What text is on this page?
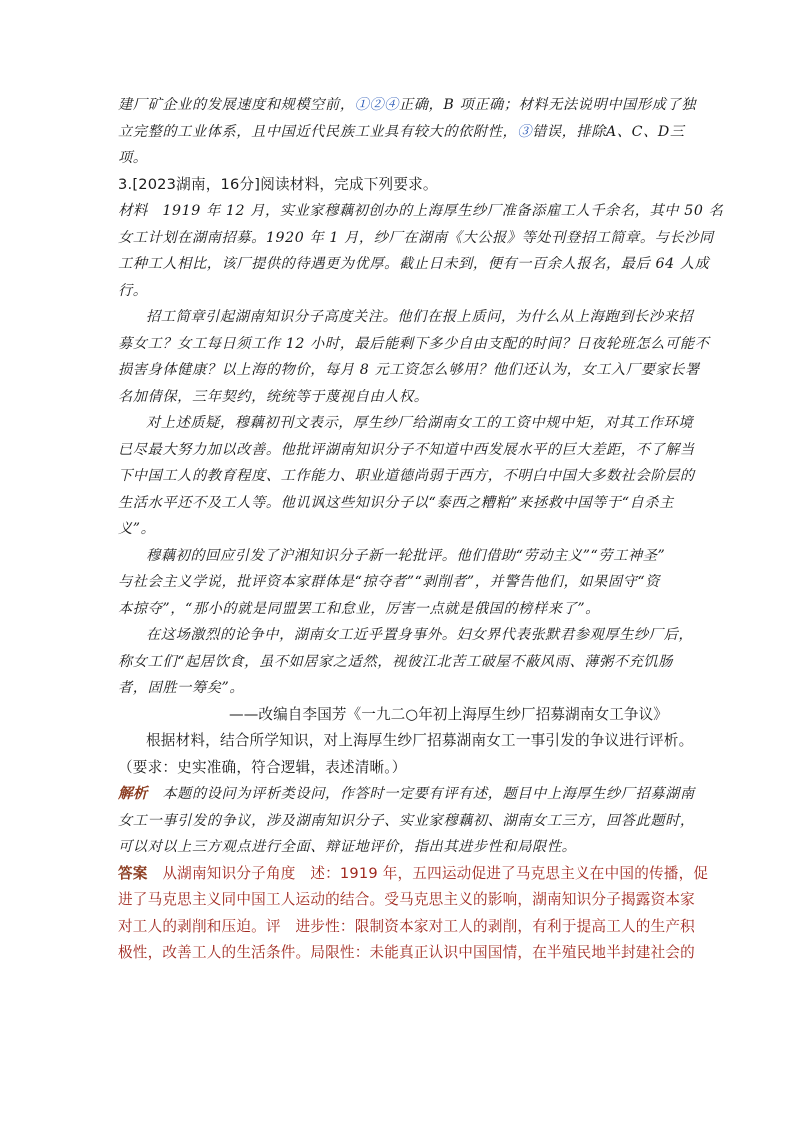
建厂矿企业的发展速度和规模空前，①②④正确，B 项正确；材料无法说明中国形成了独
立完整的工业体系，且中国近代民族工业具有较大的依附性，③错误，排除A、C、D三
项。
3.[2023湖南，16分]阅读材料，完成下列要求。
材料　1919 年 12 月，实业家穆藕初创办的上海厚生纱厂准备添雇工人千余名，其中 50 名
女工计划在湖南招募。1920 年 1 月，纱厂在湖南《大公报》等处刊登招工简章。与长沙同
工种工人相比，该厂提供的待遇更为优厚。截止日未到，便有一百余人报名，最后 64 人成
行。
招工简章引起湖南知识分子高度关注。他们在报上质问，为什么从上海跑到长沙来招
募女工？女工每日须工作 12 小时，最后能剩下多少自由支配的时间？日夜轮班怎么可能不
损害身体健康？以上海的物价，每月 8 元工资怎么够用？他们还认为，女工入厂要家长署
名加倩保，三年契约，统统等于蔑视自由人权。
对上述质疑，穆藕初刊文表示，厚生纱厂给湖南女工的工资中规中矩，对其工作环境
已尽最大努力加以改善。他批评湖南知识分子不知道中西发展水平的巨大差距，不了解当
下中国工人的教育程度、工作能力、职业道德尚弱于西方，不明白中国大多数社会阶层的
生活水平还不及工人等。他讥讽这些知识分子以“泰西之糟粕”来拯救中国等于“自杀主
义”。
穆藕初的回应引发了沪湘知识分子新一轮批评。他们借助“劳动主义”“劳工神圣”
与社会主义学说，批评资本家群体是“掠夺者”“剥削者”，并警告他们，如果固守“资
本掠夺”，“那小的就是同盟罢工和怠业，厉害一点就是俄国的榜样来了”。
在这场激烈的论争中，湖南女工近乎置身事外。妇女界代表张默君参观厚生纱厂后，
称女工们“起居饮食，虽不如居家之适然，视彼江北苦工破屋不蔽风雨、薄粥不充饥肠
者，固胜一筹矣”。
——改编自李国芳《一九二○年初上海厚生纱厂招募湖南女工争议》
根据材料，结合所学知识，对上海厚生纱厂招募湖南女工一事引发的争议进行评析。
（要求：史实准确，符合逻辑，表述清晰。）
解析　本题的设问为评析类设问，作答时一定要有评有述，题目中上海厚生纱厂招募湖南
女工一事引发的争议，涉及湖南知识分子、实业家穆藕初、湖南女工三方，回答此题时，
可以对以上三方观点进行全面、辩证地评价，指出其进步性和局限性。
答案　从湖南知识分子角度　述：1919 年，五四运动促进了马克思主义在中国的传播，促
进了马克思主义同中国工人运动的结合。受马克思主义的影响，湖南知识分子揭露资本家
对工人的剥削和压迫。评　进步性：限制资本家对工人的剥削，有利于提高工人的生产积
极性，改善工人的生活条件。局限性：未能真正认识中国国情，在半殖民地半封建社会的
